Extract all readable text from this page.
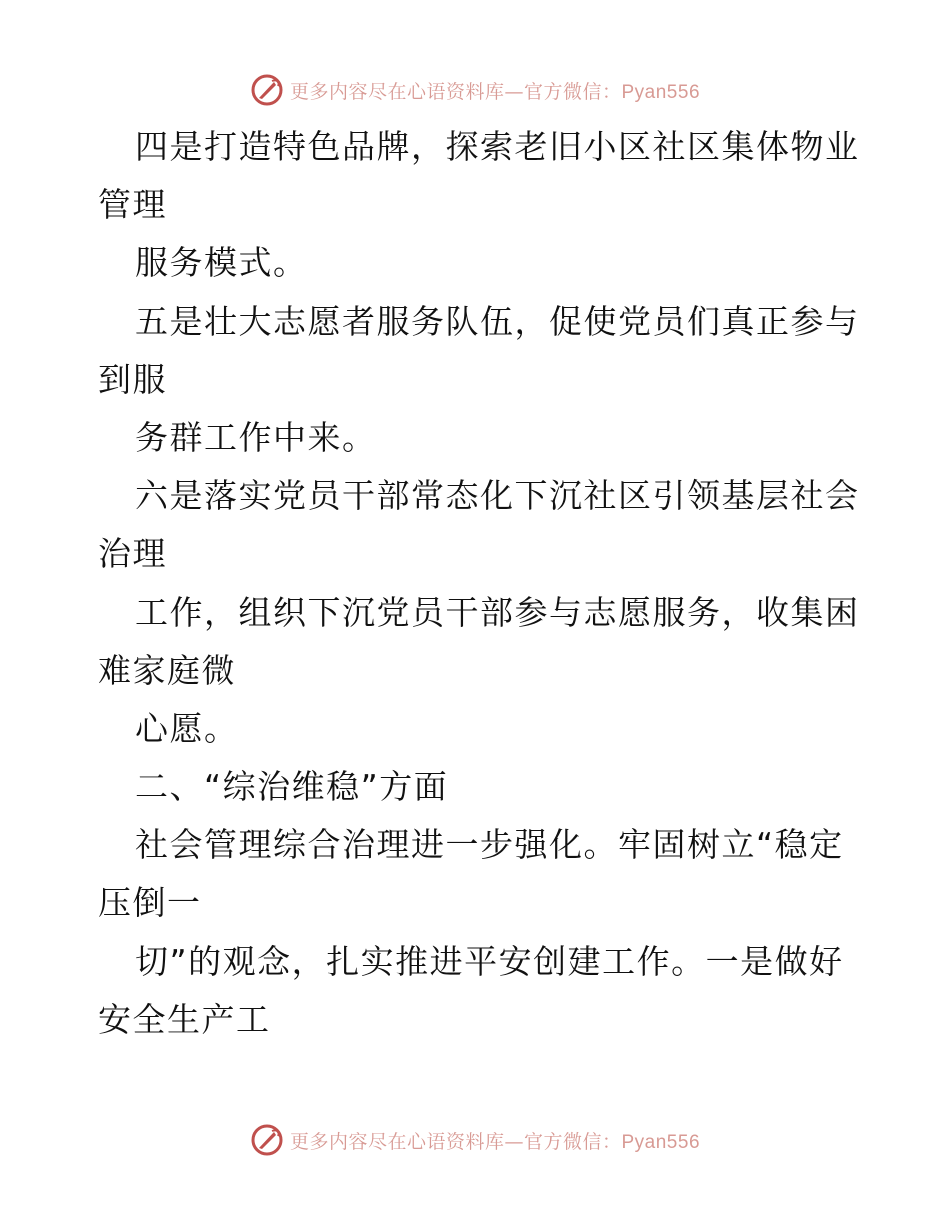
更多内容尽在心语资料库—官方微信：Pyan556
四是打造特色品牌，探索老旧小区社区集体物业
管理
服务模式。
五是壮大志愿者服务队伍，促使党员们真正参与
到服
务群工作中来。
六是落实党员干部常态化下沉社区引领基层社会
治理
工作，组织下沉党员干部参与志愿服务，收集困
难家庭微
心愿。
二、“综治维稳”方面
社会管理综合治理进一步强化。牢固树立“稳定
压倒一
切”的观念，扎实推进平安创建工作。一是做好
安全生产工
更多内容尽在心语资料库—官方微信：Pyan556
